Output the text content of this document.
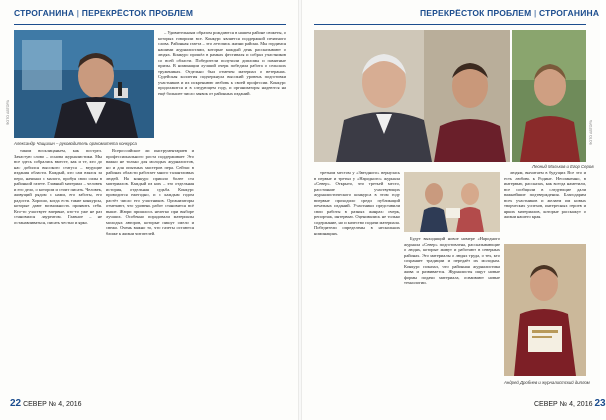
СТРОГАНИНА | ПЕРЕКРЁСТОК ПРОБЛЕМ
ФОТО АВТОРА
Александр Чащихин – руководитель оргкомитета конкурса

таким восклицаньем, как пострел. Зачастую слово – основа журналистики. Мы все здесь собрались вместе, как и те, кто до нас добился высокого статуса – ведущие издания области. Каждый, кто сам взялся за перо, начинал с малого, пробуя свои силы в районной газете. Главный материал – человек и его дело, о котором и стоит писать. Человек, живущий рядом с нами, его заботы, его радости. Хорошо, когда есть такие конкурсы, которые дают возможность проявить себя. Кто-то участвует впервые, кто-то уже не раз становился лауреатом. Главное – не останавливаться, писать честно и ярко.

Всероссийское ли инструментариев и профессионального роста поддерживает Это важно не только для молодых журналистов, но и для опытных мастеров пера. Сейчас в районах области работает много талантливых людей. На конкурс пришло более ста материалов. Каждый из них – это отдельная история, отдельная судьба. Конкурс проводится ежегодно, и с каждым годом растёт число его участников. Организаторы отмечают, что уровень работ становится всё выше. Жюри пришлось нелегко при выборе лучших. Особенно порадовали материалы молодых авторов, которые пишут смело и свежо. Очень важно то, что газеты остаются ближе к жизни читателей.

– Удивительным образом рождаются в нашем районе сюжеты, о которых говорили все. Конкурс является поддержкой печатного слова. Районная газета – это летопись жизни района. Мы гордимся нашими журналистами, которые каждый день рассказывают о людях. Конкурс прошёл в рамках фестиваля и собрал участников со всей области. Победители получили дипломы и памятные призы. В номинации лучший очерк победила работа о сельских тружениках. Отдельно был отмечен материал о ветеранах. Судейская коллегия подчеркнула высокий уровень подготовки участников и их искреннюю любовь к своей профессии. Конкурс продолжится и в следующем году, и организаторы надеются на ещё большее число заявок от районных изданий.

22 СЕВЕР № 4, 2016
ПЕРЕКРЁСТОК ПРОБЛЕМ | СТРОГАНИНА
ФОТО АВТОРА
Леонид Мальков и Егор Серов

третьим местом у «Звездного» вернулась в первые и третьи у «Народного» журнала «Север». Открыто, что третьей место, расстояние участвующих журналистического конкурса в этом году впервые проходило среди публикаций печатных изданий. Участники представили свои работы в разных жанрах: очерк, репортаж, интервью. Оценивались не только содержание, но и качество подачи материала. Победители определены в нескольких номинациях.

Будут выходящий новое номере «Народного журнала «Север» подготовлена, рассказывающие о людях, которые живут и работают в северных районах. Это материалы о людях труда, о тех, кто сохраняет традиции и передаёт их молодым. Конкурс показал, что районная журналистика жива и развивается. Журналисты ищут новые формы подачи материала, осваивают новые технологии.

людям, вычитаем в будущих Все это и есть любовь к Родине. Несомненно, в интервью, рассказах, как всегда наметили, все сообщили в следующие дали важнейшие подтверждения. Благодарим всех участников и желаем им новых творческих успехов, интересных героев и ярких материалов, которые расскажут о жизни нашего края.

Андрей Дробнев и журналистский диплом
СЕВЕР № 4, 2016 23
